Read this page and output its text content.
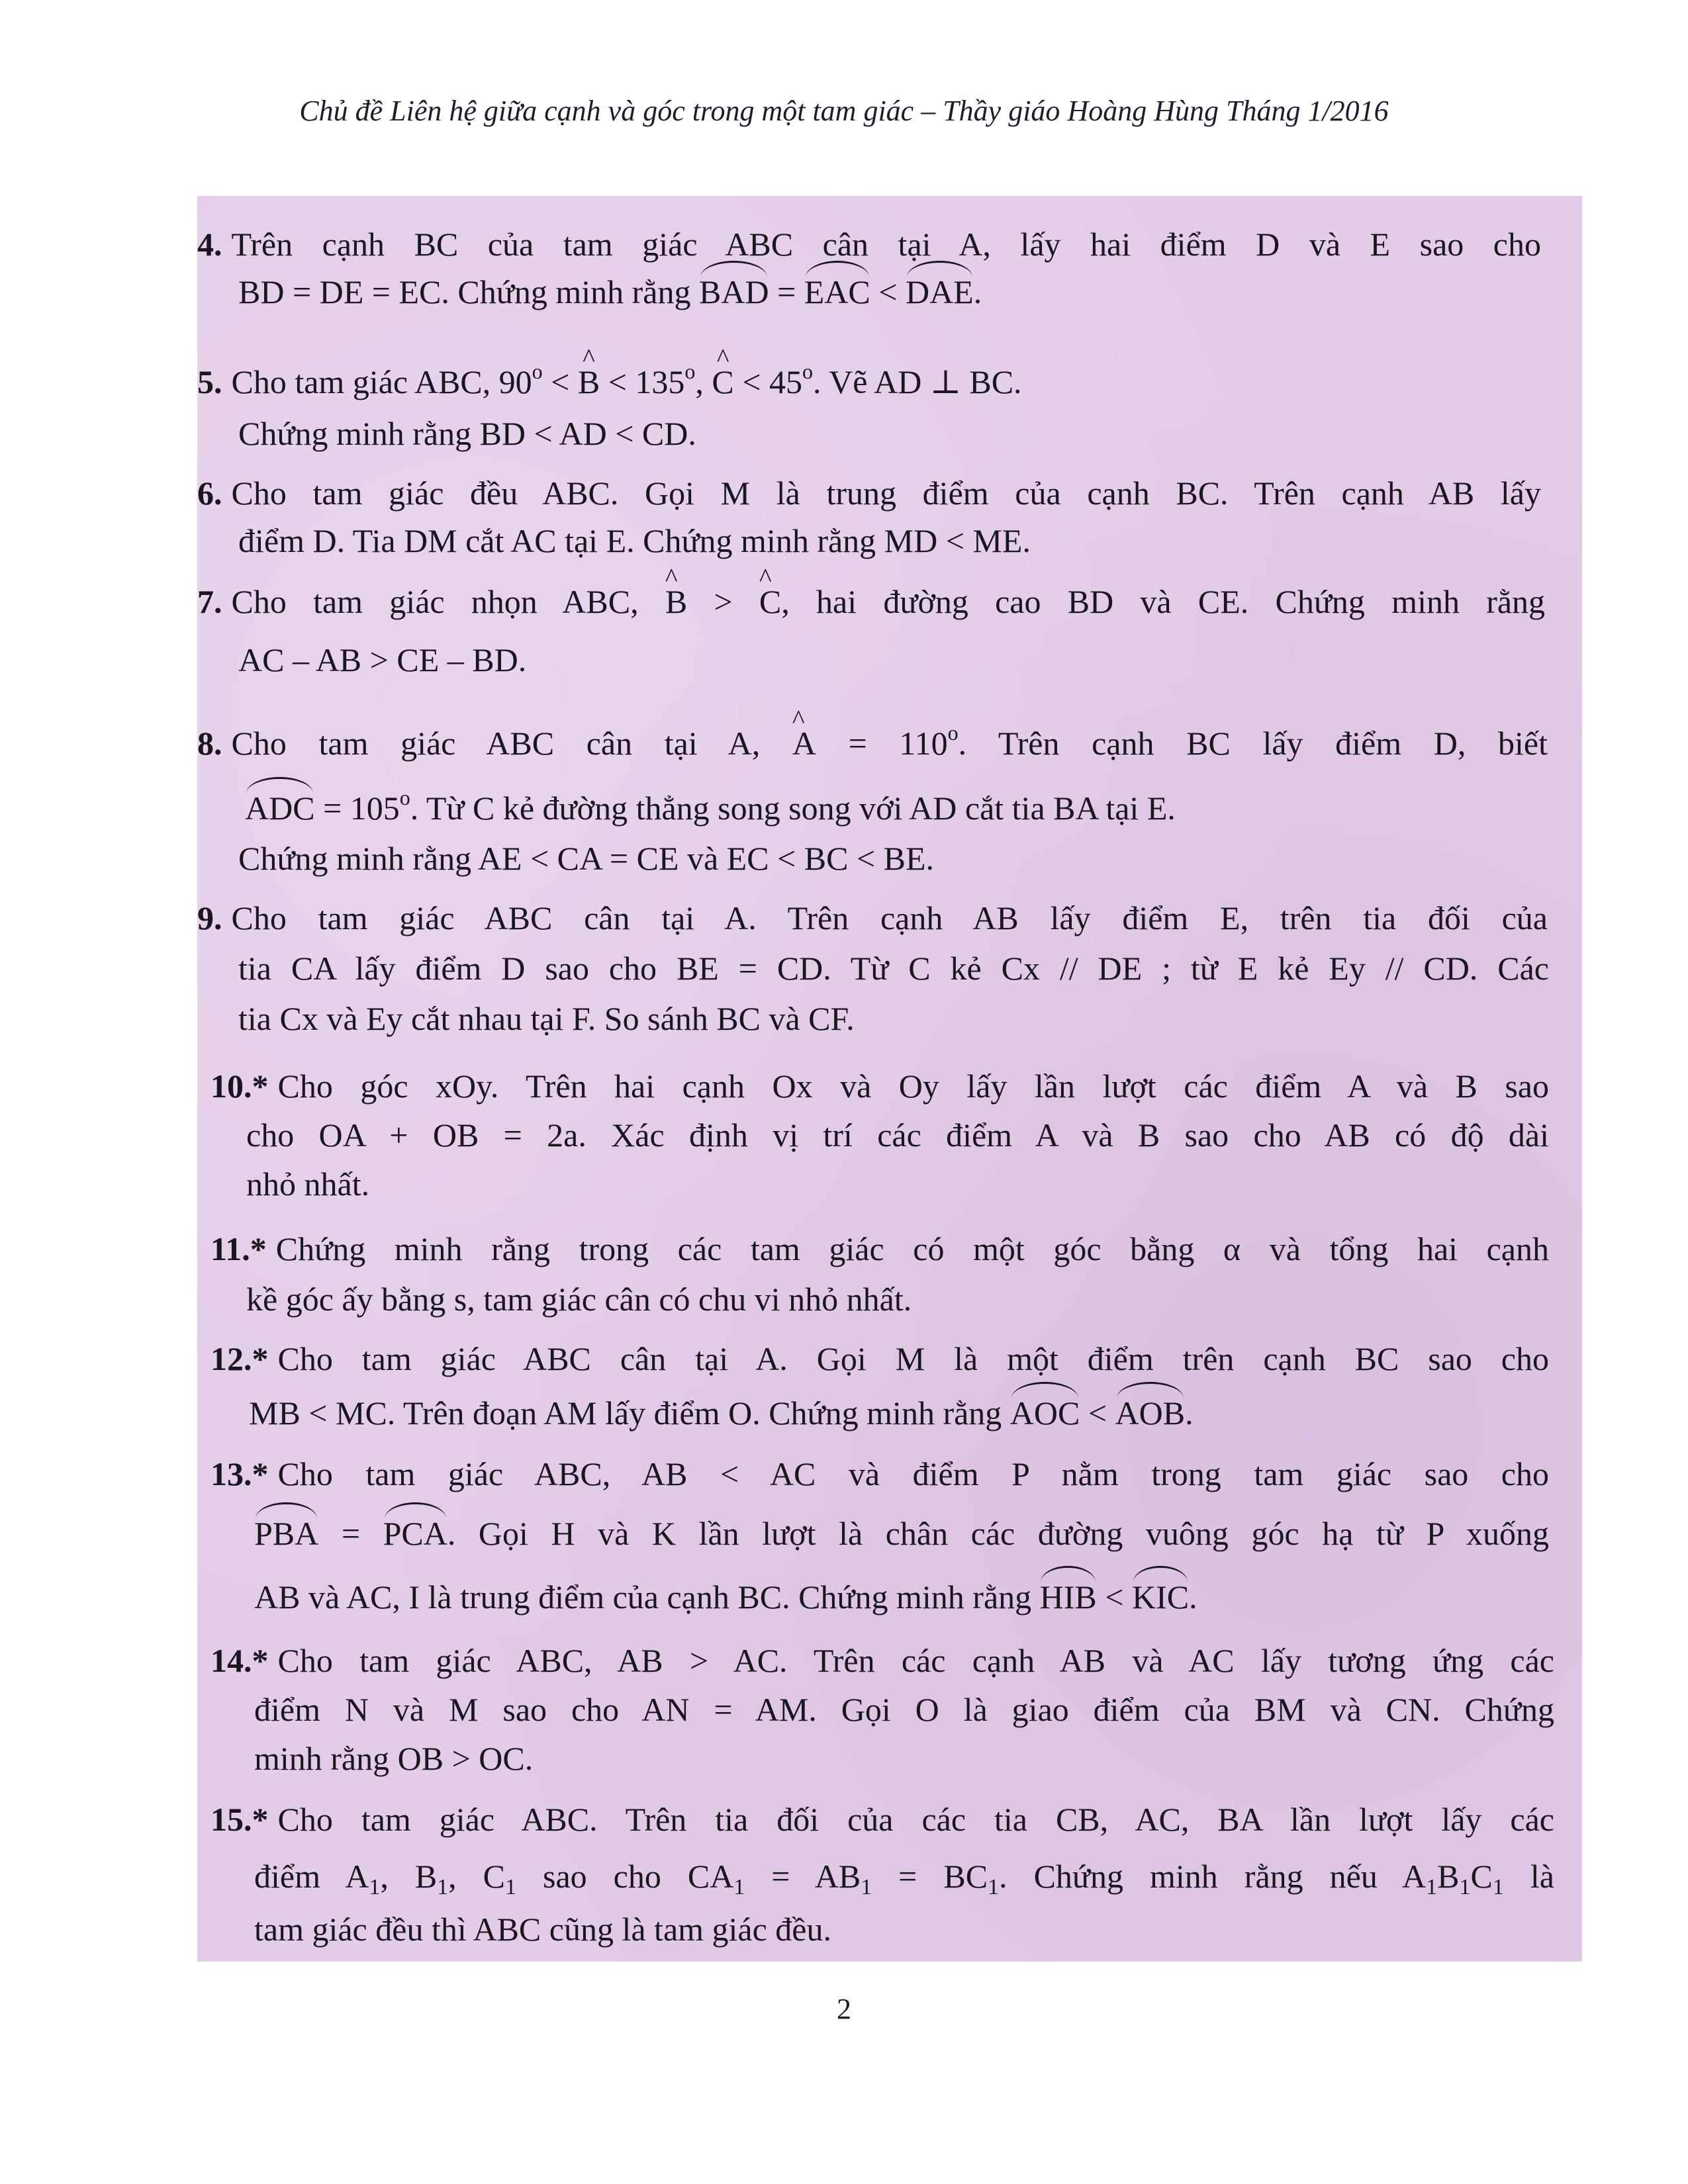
Chủ đề Liên hệ giữa cạnh và góc trong một tam giác – Thầy giáo Hoàng Hùng Tháng 1/2016
4. Trên cạnh BC của tam giác ABC cân tại A, lấy hai điểm D và E sao cho
BD = DE = EC. Chứng minh rằng BAD = EAC < DAE.
5. Cho tam giác ABC, $90^o$ < ^ $B < 135^o$, ^ $C < 45^o$. Vẽ AD ⊥ BC.
Chứng minh rằng BD < AD < CD.
6. Cho tam giác đều ABC. Gọi M là trung điểm của cạnh BC. Trên cạnh AB lấy
điểm D. Tia DM cắt AC tại E. Chứng minh rằng MD < ME.
7. Cho tam giác nhọn ABC, ^ B > ^ C, hai đường cao BD và CE. Chứng minh rằng
AC – AB > CE – BD.
8. Cho tam giác ABC cân tại A, ^ $A = 110^o$. Trên cạnh BC lấy điểm D, biết
ADC = $105^o$. Từ C kẻ đường thẳng song song với AD cắt tia BA tại E.
Chứng minh rằng AE < CA = CE và EC < BC < BE.
9. Cho tam giác ABC cân tại A. Trên cạnh AB lấy điểm E, trên tia đối của
tia CA lấy điểm D sao cho BE = CD. Từ C kẻ Cx // DE ; từ E kẻ Ey // CD. Các
tia Cx và Ey cắt nhau tại F. So sánh BC và CF.
10.* Cho góc xOy. Trên hai cạnh Ox và Oy lấy lần lượt các điểm A và B sao
cho OA + OB = 2a. Xác định vị trí các điểm A và B sao cho AB có độ dài
nhỏ nhất.
11.* Chứng minh rằng trong các tam giác có một góc bằng α và tổng hai cạnh
kề góc ấy bằng s, tam giác cân có chu vi nhỏ nhất.
12.* Cho tam giác ABC cân tại A. Gọi M là một điểm trên cạnh BC sao cho
MB < MC. Trên đoạn AM lấy điểm O. Chứng minh rằng AOC < AOB.
13.* Cho tam giác ABC, AB < AC và điểm P nằm trong tam giác sao cho
PBA = PCA. Gọi H và K lần lượt là chân các đường vuông góc hạ từ P xuống
AB và AC, I là trung điểm của cạnh BC. Chứng minh rằng HIB < KIC.
14.* Cho tam giác ABC, AB > AC. Trên các cạnh AB và AC lấy tương ứng các
điểm N và M sao cho AN = AM. Gọi O là giao điểm của BM và CN. Chứng
minh rằng OB > OC.
15.* Cho tam giác ABC. Trên tia đối của các tia CB, AC, BA lần lượt lấy các
điểm $A_1$, $B_1$, $C_1$ sao cho $CA_1 = AB_1 = BC_1$. Chứng minh rằng nếu $A_1B_1C_1$ là
tam giác đều thì ABC cũng là tam giác đều.
2
